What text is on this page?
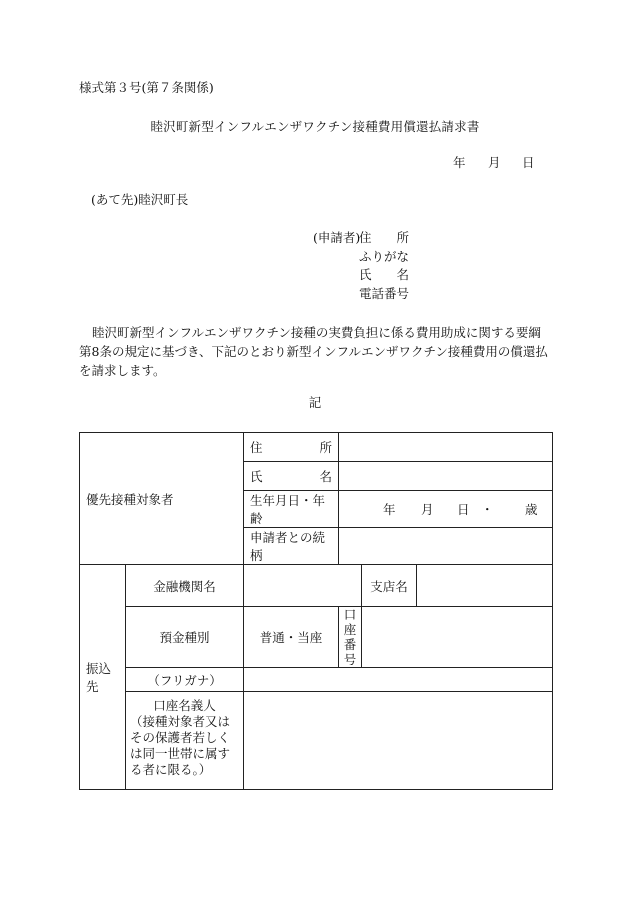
様式第３号(第７条関係)
睦沢町新型インフルエンザワクチン接種費用償還払請求書
年 月 日
(あて先)睦沢町長
(申請者)
住　　所
ふりがな
氏　　名
電話番号
睦沢町新型インフルエンザワクチン接種の実費負担に係る費用助成に関する要綱第8条の規定に基づき、下記のとおり新型インフルエンザワクチン接種費用の償還払を請求します。
記
優先接種対象者		住 所			

		氏 名			

		生年月日・年齢	年 月 日 ・ 歳		

		申請者との続柄			
振込先	金融機関名			支店名	
	預金種別	普通・当座	口座
番号		
	（フリガナ）				

	口座名義人
（接種対象者又はその保護者若しくは同一世帯に属する者に限る。）				
